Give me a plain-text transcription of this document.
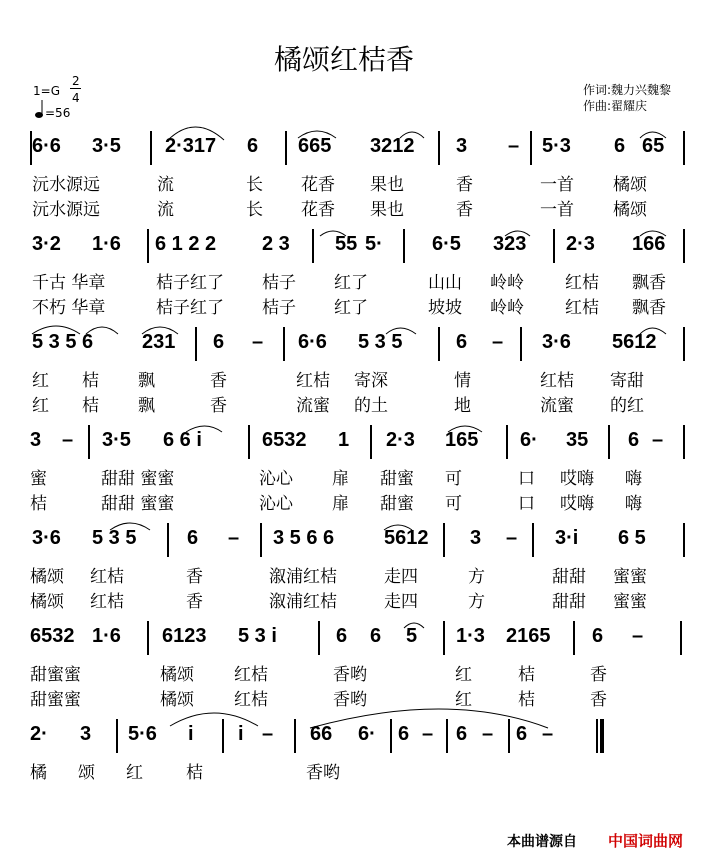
橘颂红桔香
1=G
2
4
=56
作词:魏力兴魏黎
作曲:翟耀庆
6·6 3·5 2·317 6 665 3212 3 – 5·3 6 65
沅水源远	流	长 花香 果也	香	一首 橘颂
沅水源远	流	长 花香 果也	香	一首 橘颂
3·2 1·6 6 1 2 2 2 3 55 5· 6·5 323 2·3 166
千古 华章	桔子红了 桔子 红了	山山 岭岭 红桔 飘香
不朽 华章	桔子红了 桔子 红了	坡坡 岭岭 红桔 飘香
5 3 5 6 231 6 – 6·6 5 3 5	6 – 3·6 5612
红 桔 飘	香	红桔 寄深	情	红桔 寄甜
红 桔 飘	香	流蜜 的土	地	流蜜 的红
3 – 3·5 6 6 i	6532 1 2·3 165 6· 35 6 –
蜜	甜甜 蜜蜜	沁心 扉 甜蜜 可	口 哎嗨 嗨
桔	甜甜 蜜蜜	沁心 扉 甜蜜 可	口 哎嗨 嗨
3·6 5 3 5	6 – 3 5 6 6 5612 3 – 3·i 6 5
橘颂 红桔	香	溆浦红桔	走四	方	甜甜 蜜蜜
橘颂 红桔	香	溆浦红桔	走四	方	甜甜 蜜蜜
6532 1·6 6123 5 3 i	6 6 5 1·3 2165 6 –
甜蜜蜜	橘颂 红桔	香哟	红	桔	香
甜蜜蜜	橘颂 红桔	香哟	红	桔	香
2· 3 5·6 i i – 66 6· 6 – 6 – 6 –
橘 颂 红	桔	香哟
本曲谱源自 中国词曲网
